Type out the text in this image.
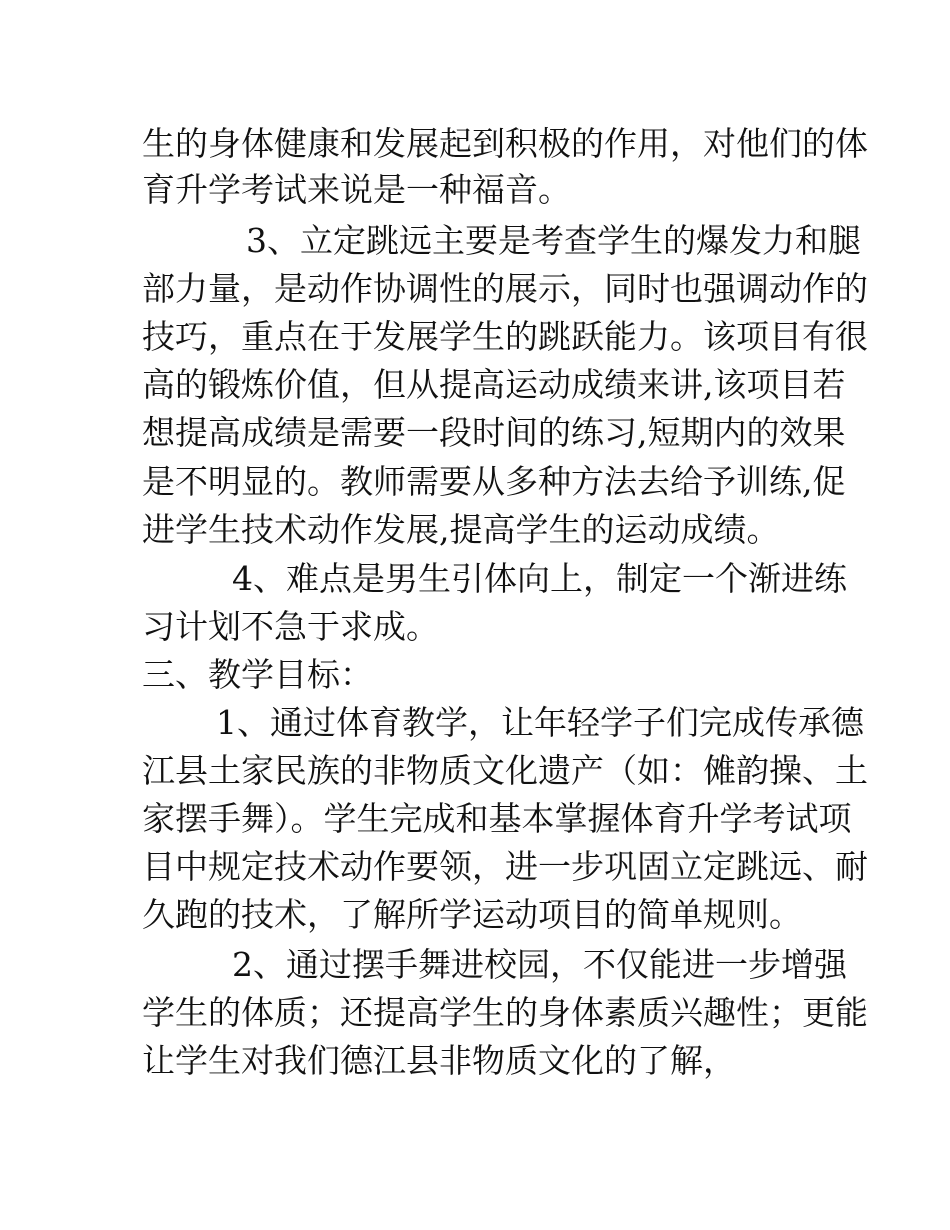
生的身体健康和发展起到积极的作用，对他们的体
育升学考试来说是一种福音。
3、立定跳远主要是考查学生的爆发力和腿
部力量，是动作协调性的展示，同时也强调动作的
技巧，重点在于发展学生的跳跃能力。该项目有很
高的锻炼价值，但从提高运动成绩来讲,该项目若
想提高成绩是需要一段时间的练习,短期内的效果
是不明显的。教师需要从多种方法去给予训练,促
进学生技术动作发展,提高学生的运动成绩。
4、难点是男生引体向上，制定一个渐进练
习计划不急于求成。
三、教学目标：
1、通过体育教学，让年轻学子们完成传承德
江县土家民族的非物质文化遗产（如：傩韵操、土
家摆手舞）。学生完成和基本掌握体育升学考试项
目中规定技术动作要领，进一步巩固立定跳远、耐
久跑的技术，了解所学运动项目的简单规则。
2、通过摆手舞进校园，不仅能进一步增强
学生的体质；还提高学生的身体素质兴趣性；更能
让学生对我们德江县非物质文化的了解，
